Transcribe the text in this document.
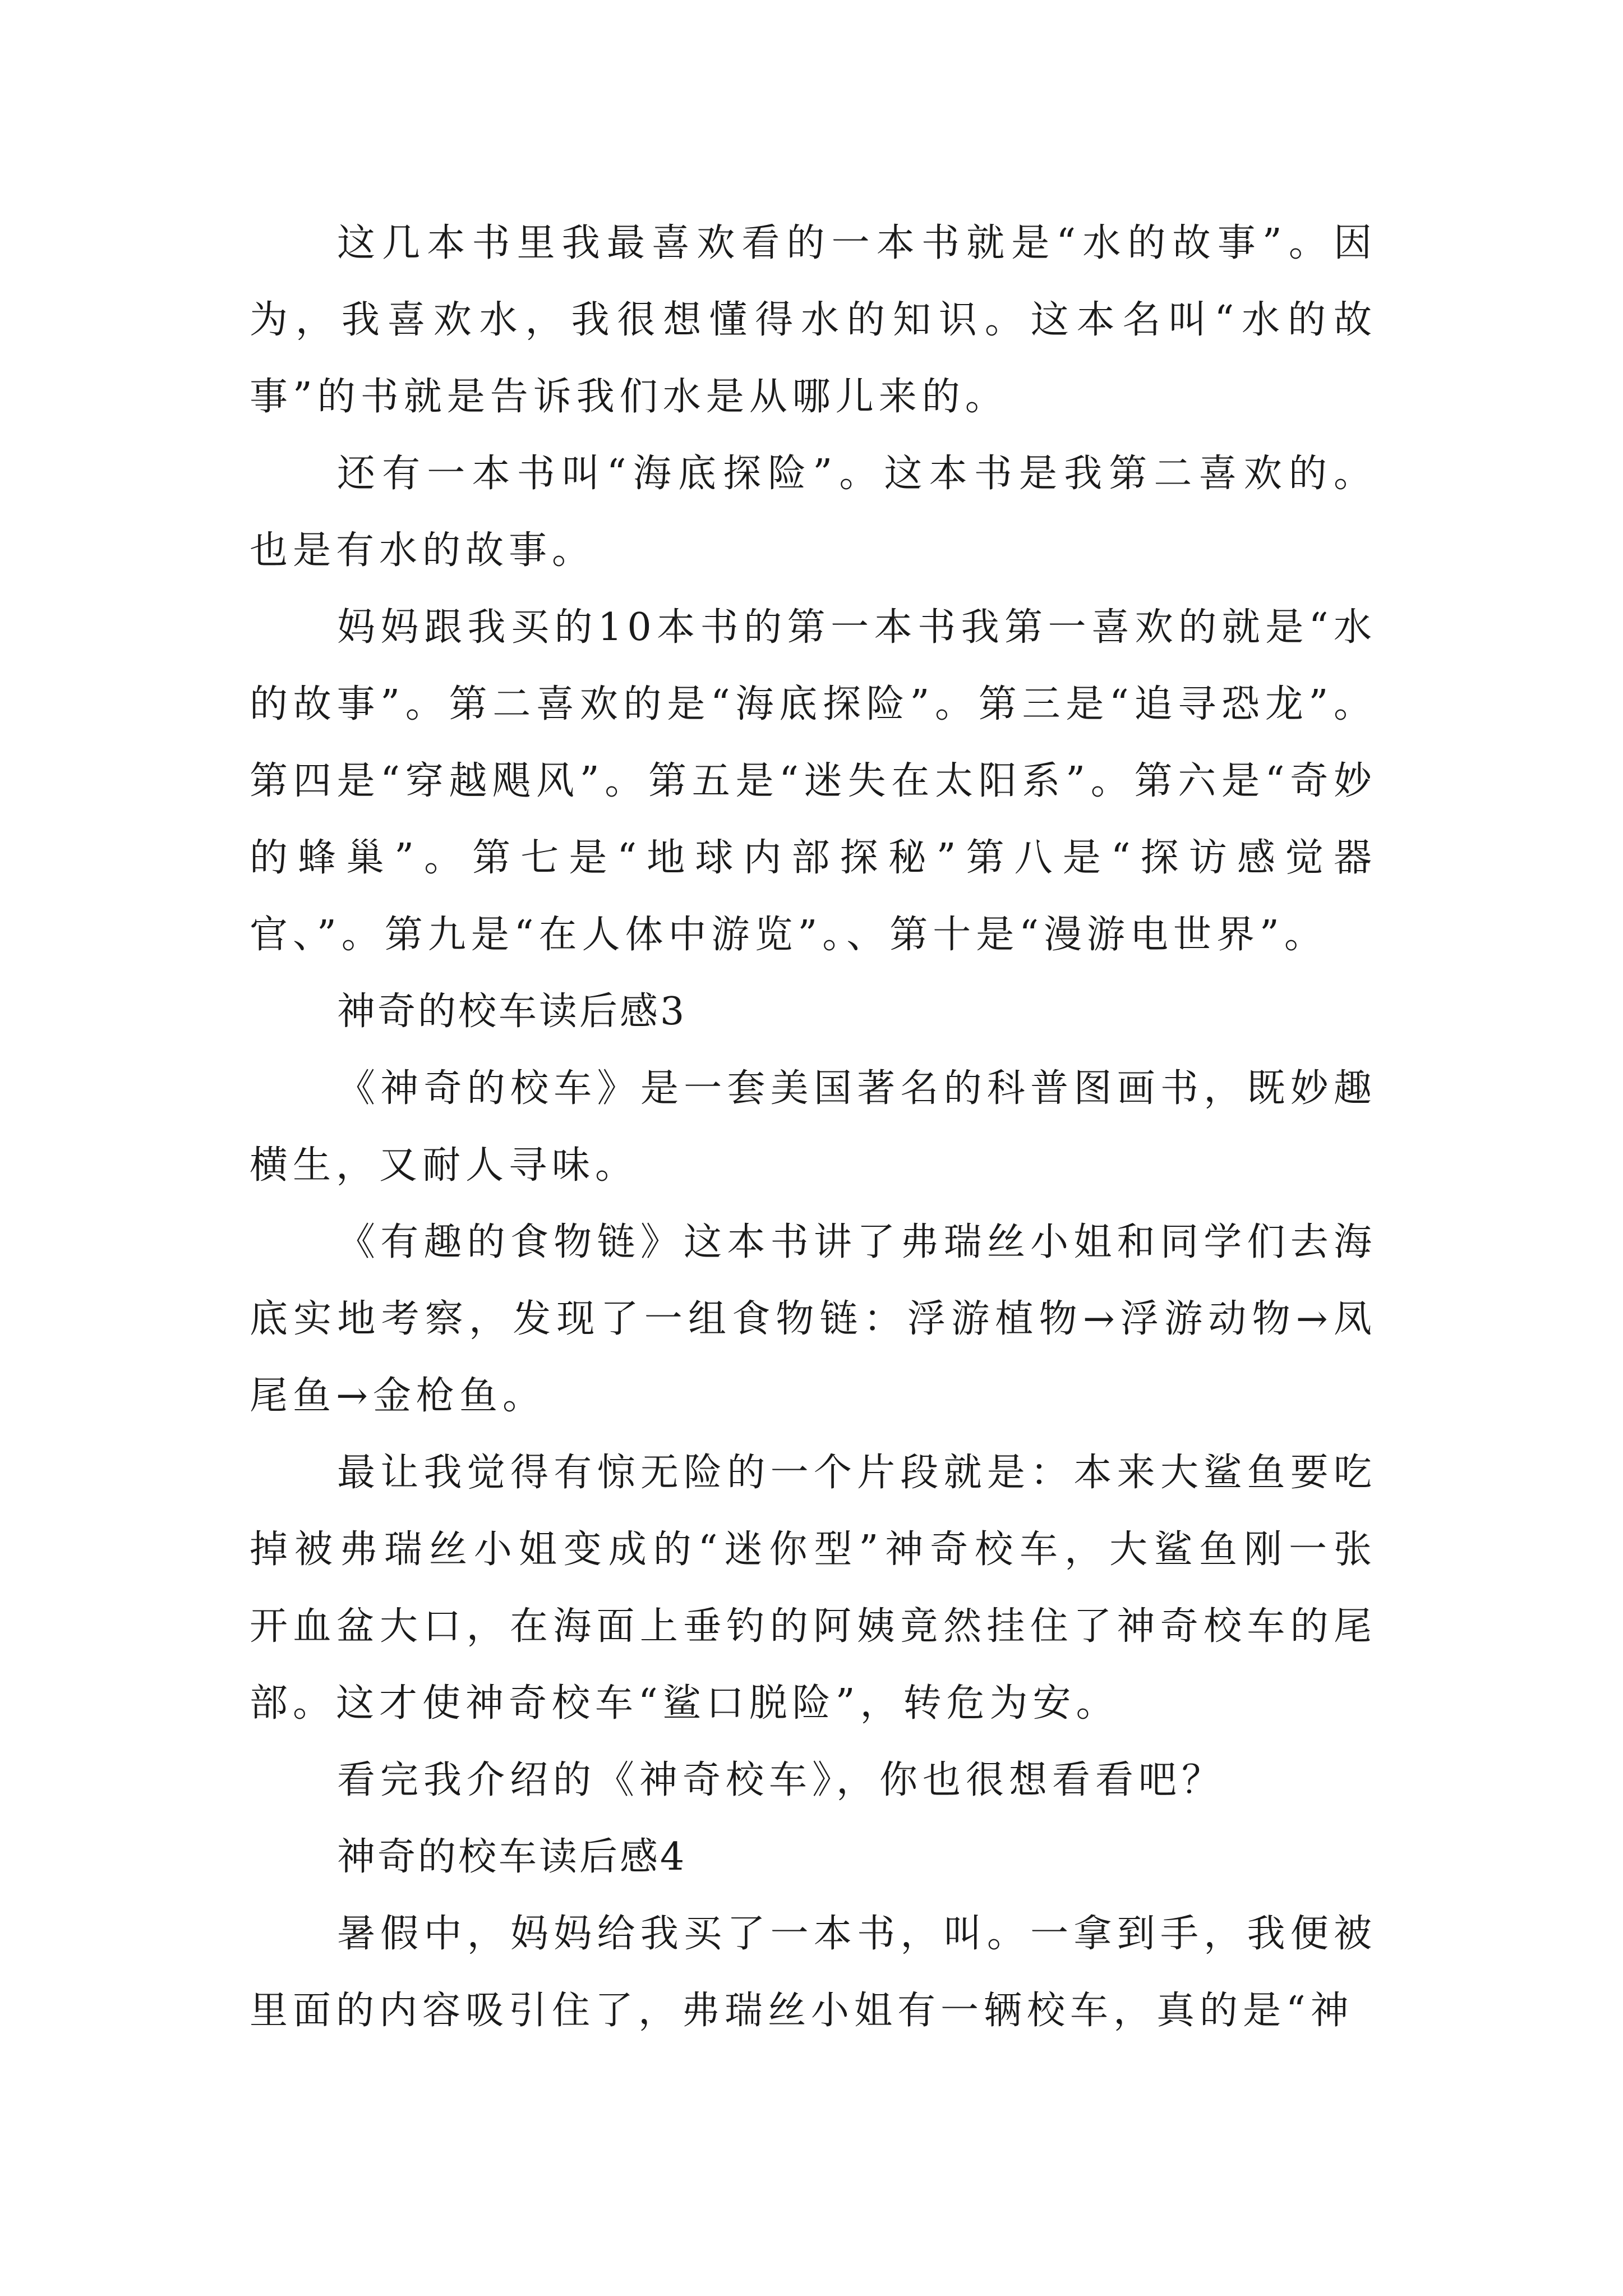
这几本书里我最喜欢看的一本书就是“水的故事”。因为，我喜欢水，我很想懂得水的知识。这本名叫“水的故事”的书就是告诉我们水是从哪儿来的。

还有一本书叫“海底探险”。这本书是我第二喜欢的。也是有水的故事。

妈妈跟我买的10本书的第一本书我第一喜欢的就是“水的故事”。第二喜欢的是“海底探险”。第三是“追寻恐龙”。第四是“穿越飓风”。第五是“迷失在太阳系”。第六是“奇妙的蜂巢”。第七是“地球内部探秘”第八是“探访感觉器官、”。第九是“在人体中游览”。、第十是“漫游电世界”。

神奇的校车读后感3

《神奇的校车》是一套美国著名的科普图画书，既妙趣横生，又耐人寻味。

《有趣的食物链》这本书讲了弗瑞丝小姐和同学们去海底实地考察，发现了一组食物链：浮游植物→浮游动物→凤尾鱼→金枪鱼。

最让我觉得有惊无险的一个片段就是：本来大鲨鱼要吃掉被弗瑞丝小姐变成的“迷你型”神奇校车，大鲨鱼刚一张开血盆大口，在海面上垂钓的阿姨竟然挂住了神奇校车的尾部。这才使神奇校车“鲨口脱险”，转危为安。

看完我介绍的《神奇校车》，你也很想看看吧？

神奇的校车读后感4

暑假中，妈妈给我买了一本书，叫。一拿到手，我便被里面的内容吸引住了，弗瑞丝小姐有一辆校车，真的是“神
